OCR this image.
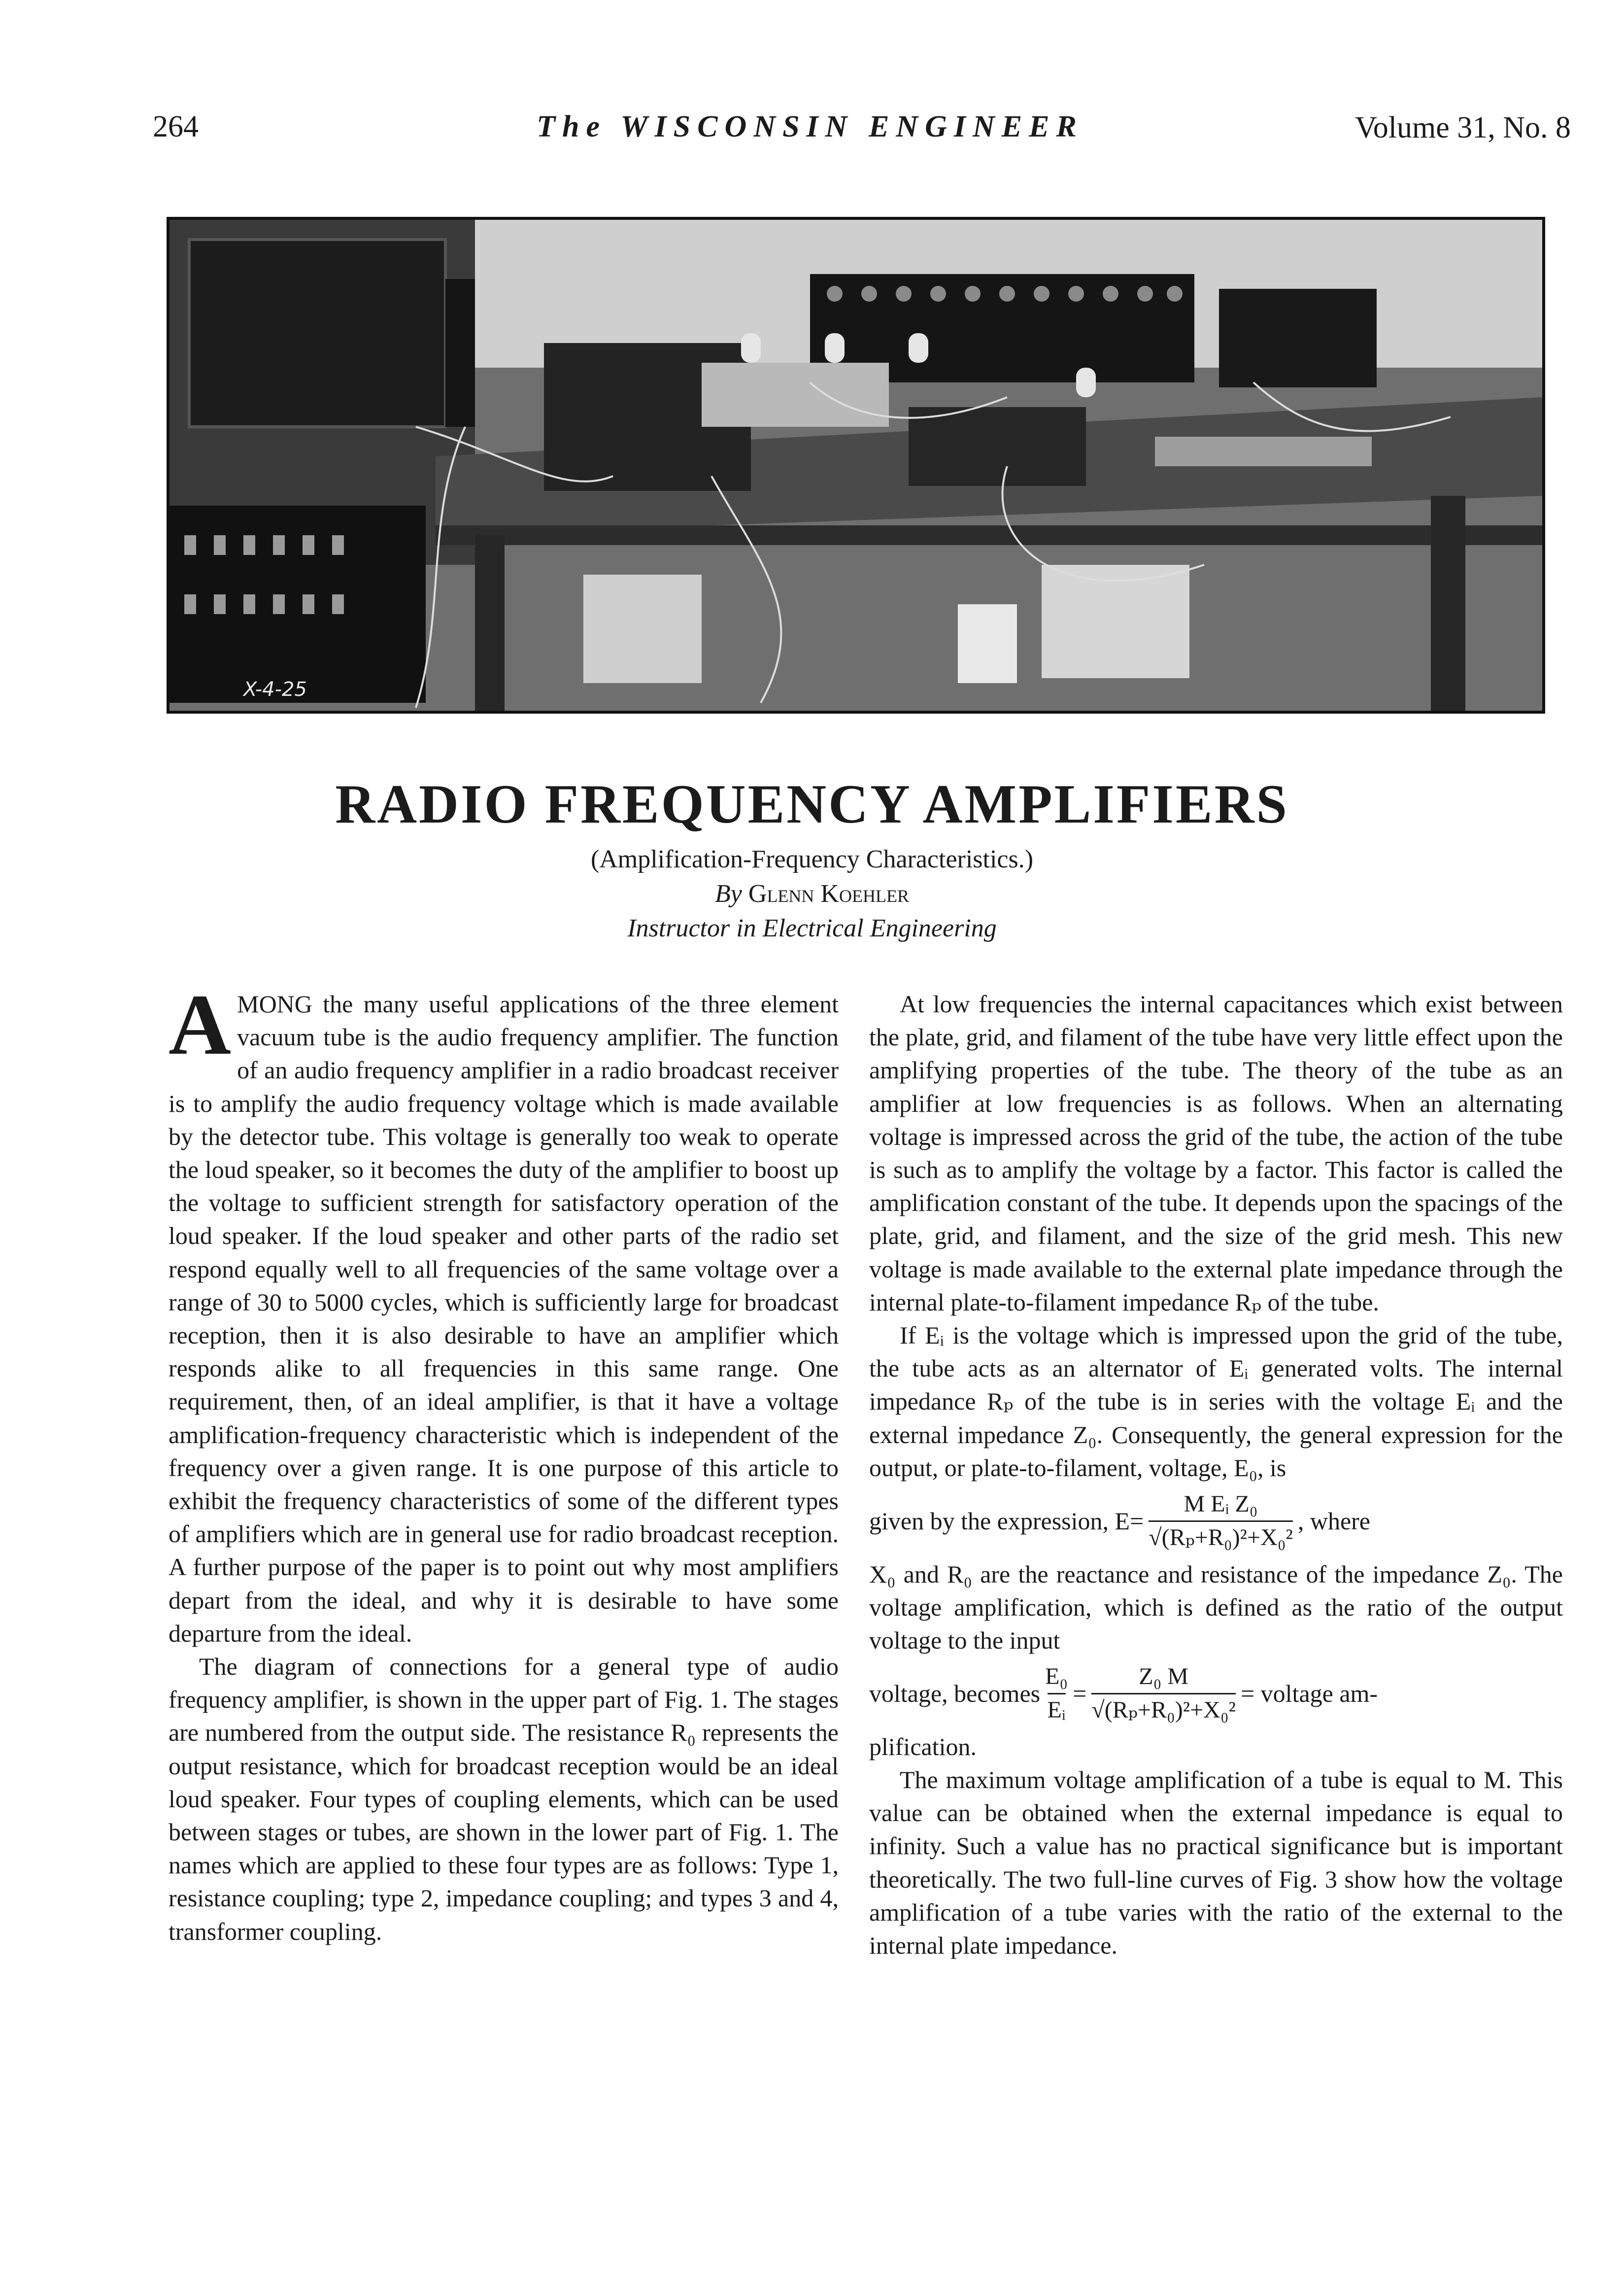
264	The WISCONSIN ENGINEER	Volume 31, No. 8
X-4-25
RADIO FREQUENCY AMPLIFIERS
(Amplification-Frequency Characteristics.)
By Glenn Koehler
Instructor in Electrical Engineering

AMONG the many useful applications of the three element vacuum tube is the audio frequency amplifier. The function of an audio frequency amplifier in a radio broadcast receiver is to amplify the audio frequency voltage which is made available by the detector tube. This voltage is generally too weak to operate the loud speaker, so it becomes the duty of the amplifier to boost up the voltage to sufficient strength for satisfactory operation of the loud speaker. If the loud speaker and other parts of the radio set respond equally well to all frequencies of the same voltage over a range of 30 to 5000 cycles, which is sufficiently large for broadcast reception, then it is also desirable to have an amplifier which responds alike to all frequencies in this same range. One requirement, then, of an ideal amplifier, is that it have a voltage amplification-frequency characteristic which is independent of the frequency over a given range. It is one purpose of this article to exhibit the frequency characteristics of some of the different types of amplifiers which are in general use for radio broadcast reception. A further purpose of the paper is to point out why most amplifiers depart from the ideal, and why it is desirable to have some departure from the ideal.

The diagram of connections for a general type of audio frequency amplifier, is shown in the upper part of Fig. 1. The stages are numbered from the output side. The resistance R₀ represents the output resistance, which for broadcast reception would be an ideal loud speaker. Four types of coupling elements, which can be used between stages or tubes, are shown in the lower part of Fig. 1. The names which are applied to these four types are as follows: Type 1, resistance coupling; type 2, impedance coupling; and types 3 and 4, transformer coupling.

At low frequencies the internal capacitances which exist between the plate, grid, and filament of the tube have very little effect upon the amplifying properties of the tube. The theory of the tube as an amplifier at low frequencies is as follows. When an alternating voltage is impressed across the grid of the tube, the action of the tube is such as to amplify the voltage by a factor. This factor is called the amplification constant of the tube. It depends upon the spacings of the plate, grid, and filament, and the size of the grid mesh. This new voltage is made available to the external plate impedance through the internal plate-to-filament impedance Rₚ of the tube.

If Eᵢ is the voltage which is impressed upon the grid of the tube, the tube acts as an alternator of Eᵢ generated volts. The internal impedance Rₚ of the tube is in series with the voltage Eᵢ and the external impedance Z₀. Consequently, the general expression for the output, or plate-to-filament, voltage, E₀, is

given by the expression, $E= \frac{\text{M Eᵢ Z₀}}{\text{√(Rₚ+R₀)²+X₀²}}$ , where

X₀ and R₀ are the reactance and resistance of the impedance Z₀. The voltage amplification, which is defined as the ratio of the output voltage to the input

voltage, becomes $\frac{\text{E₀}}{\text{Eᵢ}} = \frac{\text{Z₀ M}}{\text{√(Rₚ+R₀)²+X₀²}}$ = voltage am-

plification.

The maximum voltage amplification of a tube is equal to M. This value can be obtained when the external impedance is equal to infinity. Such a value has no practical significance but is important theoretically. The two full-line curves of Fig. 3 show how the voltage amplification of a tube varies with the ratio of the external to the internal plate impedance.
